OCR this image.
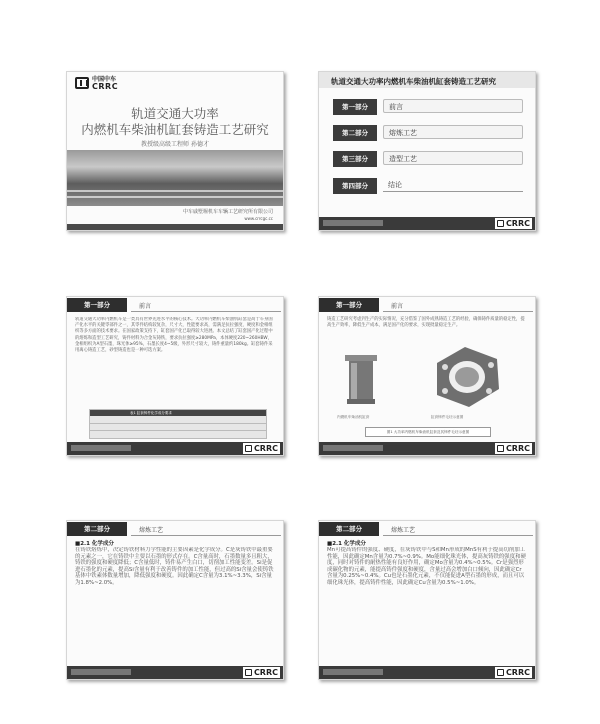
中国中车
CRRC
轨道交通大功率
内燃机车柴油机缸套铸造工艺研究
教授级高级工程师 孙德才
中车戚墅堰机车车辆工艺研究所有限公司
www.crrcgc.cc
轨道交通大功率内燃机车柴油机缸套铸造工艺研究
第一部分	前言
第二部分	熔炼工艺
第三部分	造型工艺
第四部分	结论
CRRC
第一部分	前言
轨道交通大功率内燃机车是一类具有世界先进水平的核心技术。大功率内燃机车柴油机缸套是高于车身国产化水平的关键零部件之一，其零件结构较复杂，尺寸大，性能要求高，需满足抗拉强度、硬度和金相组织等多方面的技术要求。在国家政策支持下，缸套国产化已取得较大进展。本文总结了缸套国产化过程中的熔炼和造型工艺研究，铸件材料为合金灰铸铁，要求抗拉强度≥280MPa，本体硬度220~260HBW，金相组织为A型石墨，珠光体≥95%，石墨长度4~5级，外形尺寸较大，铸件重量约180kg。缸套铸件采用离心铸造工艺，砂型铸造也是一种可选方案。
表1 缸套铸件化学成分要求
CRRC
第一部分	前言
铸造工艺研究考虑到生产的实际情况，充分借鉴了国外成熟铸造工艺的经验，确保铸件质量的稳定性，提高生产效率，降低生产成本，满足国产化的要求，实现批量稳定生产。
内燃机车柴油机缸套	缸套铸件毛坯示意图
图1 大功率内燃机车柴油机缸套及其铸件毛坯示意图
CRRC
第二部分	熔炼工艺
■2.1 化学成分
在铸铁熔炼中，决定铸铁材料力学性能的主要因素是化学成分。C是灰铸铁中最重要的元素之一，它在铸铁中主要以石墨的形式存在。C含量高时，石墨数量多且粗大，铸铁的强度和硬度降低；C含量低时，铸件易产生白口，切削加工性能变差。Si是促进石墨化的元素，提高Si含量有利于改善铸件的加工性能，但过高的Si含量会使铸铁基体中铁素体数量增加，降低强度和硬度。因此确定C含量为3.1%~3.3%，Si含量为1.8%~2.0%。
CRRC
第二部分	熔炼工艺
■2.1 化学成分
Mn可提高铸件的强度、硬度，在灰铸铁中与S和Mn形成的MnS有利于提高切削加工性能，因此确定Mn含量为0.7%~0.9%。Mo能细化珠光体，提高灰铸铁的强度和硬度，同时对铸件的耐热性能有良好作用，确定Mo含量为0.4%~0.5%。Cr是强烈形成碳化物的元素，能提高铸件强度和硬度，含量过高会增加白口倾向，因此确定Cr含量为0.25%~0.4%。Cu也是石墨化元素，不仅能促进A型石墨的形成，而且可以细化珠光体，提高铸件性能，因此确定Cu含量为0.5%~1.0%。
CRRC
